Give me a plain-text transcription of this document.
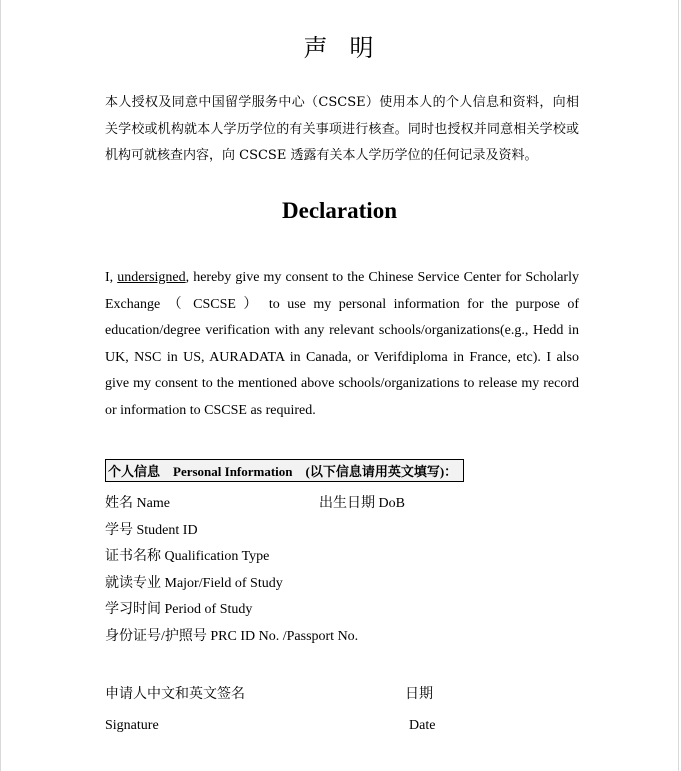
声明
本人授权及同意中国留学服务中心（CSCSE）使用本人的个人信息和资料，向相关学校或机构就本人学历学位的有关事项进行核查。同时也授权并同意相关学校或机构可就核查内容，向 CSCSE 透露有关本人学历学位的任何记录及资料。
Declaration
I, undersigned, hereby give my consent to the Chinese Service Center for Scholarly Exchange （ CSCSE ） to use my personal information for the purpose of education/degree verification with any relevant schools/organizations(e.g., Hedd in UK, NSC in US, AURADATA in Canada, or Verifdiploma in France, etc). I also give my consent to the mentioned above schools/organizations to release my record or information to CSCSE as required.
个人信息　Personal Information　(以下信息请用英文填写)：
姓名 Name	出生日期 DoB
学号 Student ID
证书名称 Qualification Type
就读专业 Major/Field of Study
学习时间 Period of Study
身份证号/护照号 PRC ID No. /Passport No.
申请人中文和英文签名	日期
Signature	Date
